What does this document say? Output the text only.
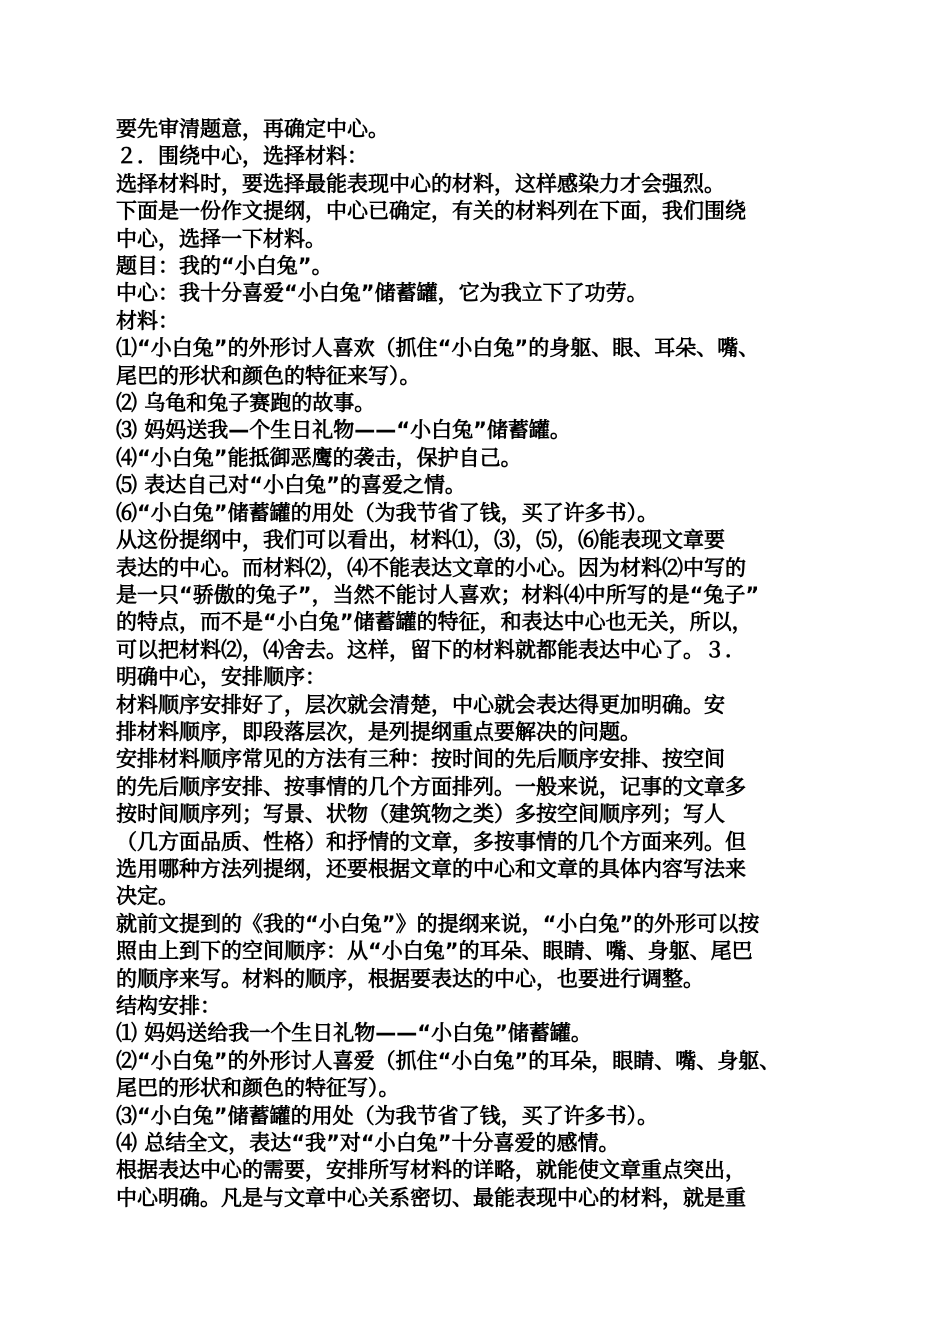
要先审清题意，再确定中心。
２．围绕中心，选择材料：
选择材料时，要选择最能表现中心的材料，这样感染力才会强烈。
下面是一份作文提纲，中心已确定，有关的材料列在下面，我们围绕
中心，选择一下材料。
题目：我的“小白兔”。
中心：我十分喜爱“小白兔”储蓄罐，它为我立下了功劳。
材料：
⑴“小白兔”的外形讨人喜欢（抓住“小白兔”的身躯、眼、耳朵、嘴、
尾巴的形状和颜色的特征来写）。
⑵ 乌龟和兔子赛跑的故事。
⑶ 妈妈送我—个生日礼物——“小白兔”储蓄罐。
⑷“小白兔”能抵御恶鹰的袭击，保护自己。
⑸ 表达自己对“小白兔”的喜爱之情。
⑹“小白兔”储蓄罐的用处（为我节省了钱，买了许多书）。
从这份提纲中，我们可以看出，材料⑴，⑶，⑸，⑹能表现文章要
表达的中心。而材料⑵，⑷不能表达文章的小心。因为材料⑵中写的
是一只“骄傲的兔子”，当然不能讨人喜欢；材料⑷中所写的是“兔子”
的特点，而不是“小白兔”储蓄罐的特征，和表达中心也无关，所以，
可以把材料⑵，⑷舍去。这样，留下的材料就都能表达中心了。３．
明确中心，安排顺序：
材料顺序安排好了，层次就会清楚，中心就会表达得更加明确。安
排材料顺序，即段落层次，是列提纲重点要解决的问题。
安排材料顺序常见的方法有三种：按时间的先后顺序安排、按空间
的先后顺序安排、按事情的几个方面排列。一般来说，记事的文章多
按时间顺序列；写景、状物（建筑物之类）多按空间顺序列；写人
（几方面品质、性格）和抒情的文章，多按事情的几个方面来列。但
选用哪种方法列提纲，还要根据文章的中心和文章的具体内容写法来
决定。
就前文提到的《我的“小白兔”》的提纲来说，“小白兔”的外形可以按
照由上到下的空间顺序：从“小白兔”的耳朵、眼睛、嘴、身躯、尾巴
的顺序来写。材料的顺序，根据要表达的中心，也要进行调整。
结构安排：
⑴ 妈妈送给我一个生日礼物——“小白兔”储蓄罐。
⑵“小白兔”的外形讨人喜爱（抓住“小白兔”的耳朵，眼睛、嘴、身躯、
尾巴的形状和颜色的特征写）。
⑶“小白兔”储蓄罐的用处（为我节省了钱，买了许多书）。
⑷ 总结全文，表达“我”对“小白兔”十分喜爱的感情。
根据表达中心的需要，安排所写材料的详略，就能使文章重点突出，
中心明确。凡是与文章中心关系密切、最能表现中心的材料，就是重
